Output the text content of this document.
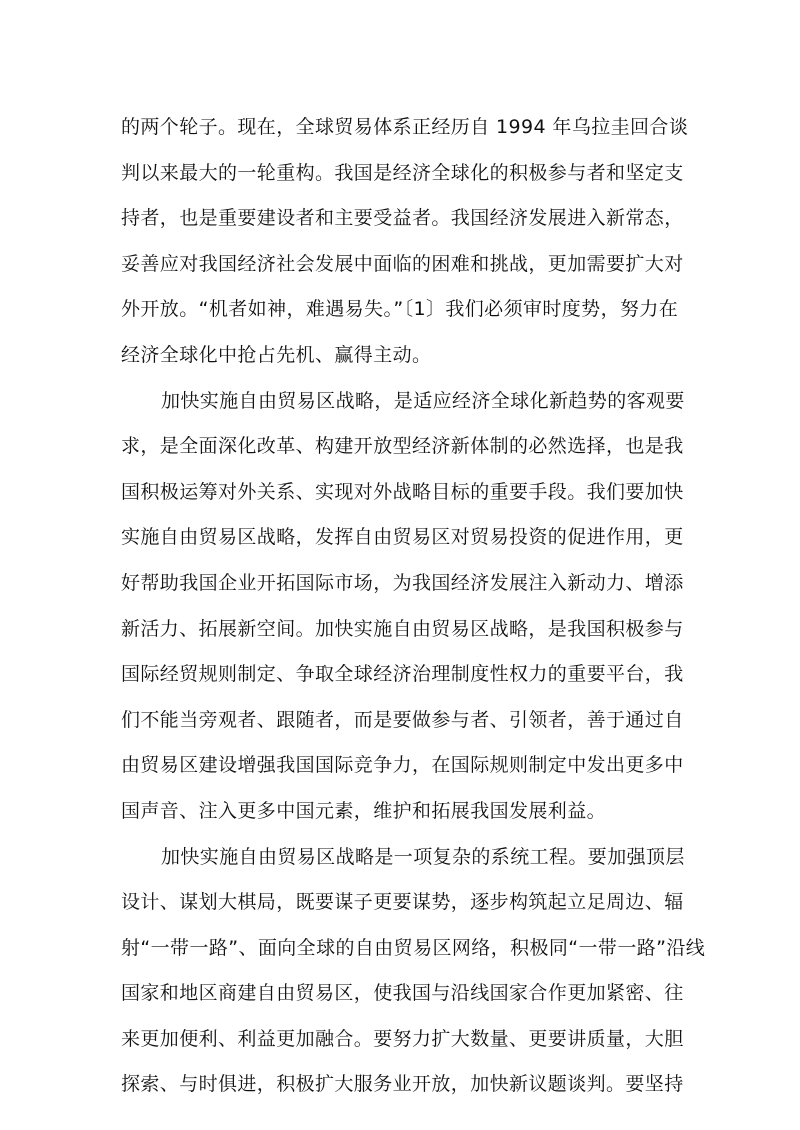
的两个轮子。现在，全球贸易体系正经历自 1994 年乌拉圭回合谈
判以来最大的一轮重构。我国是经济全球化的积极参与者和坚定支
持者，也是重要建设者和主要受益者。我国经济发展进入新常态，
妥善应对我国经济社会发展中面临的困难和挑战，更加需要扩大对
外开放。“机者如神，难遇易失。”〔1〕我们必须审时度势，努力在
经济全球化中抢占先机、赢得主动。
加快实施自由贸易区战略，是适应经济全球化新趋势的客观要
求，是全面深化改革、构建开放型经济新体制的必然选择，也是我
国积极运筹对外关系、实现对外战略目标的重要手段。我们要加快
实施自由贸易区战略，发挥自由贸易区对贸易投资的促进作用，更
好帮助我国企业开拓国际市场，为我国经济发展注入新动力、增添
新活力、拓展新空间。加快实施自由贸易区战略，是我国积极参与
国际经贸规则制定、争取全球经济治理制度性权力的重要平台，我
们不能当旁观者、跟随者，而是要做参与者、引领者，善于通过自
由贸易区建设增强我国国际竞争力，在国际规则制定中发出更多中
国声音、注入更多中国元素，维护和拓展我国发展利益。
加快实施自由贸易区战略是一项复杂的系统工程。要加强顶层
设计、谋划大棋局，既要谋子更要谋势，逐步构筑起立足周边、辐
射“一带一路”、面向全球的自由贸易区网络，积极同“一带一路”沿线
国家和地区商建自由贸易区，使我国与沿线国家合作更加紧密、往
来更加便利、利益更加融合。要努力扩大数量、更要讲质量，大胆
探索、与时俱进，积极扩大服务业开放，加快新议题谈判。要坚持
